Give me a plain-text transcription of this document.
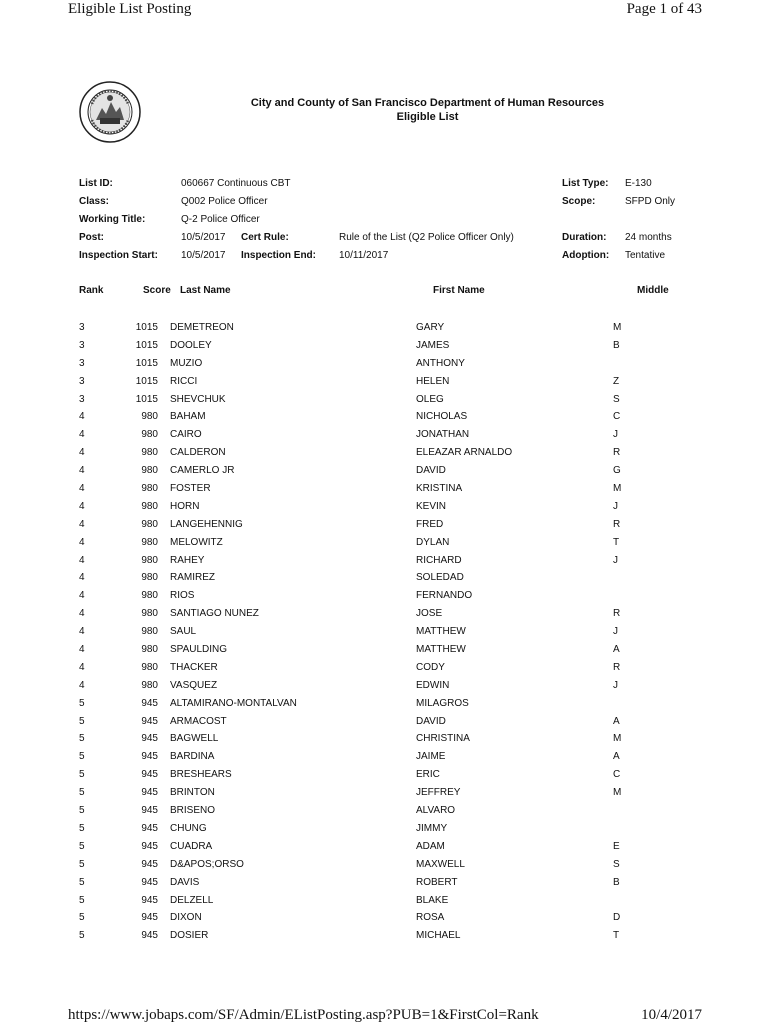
Eligible List Posting	Page 1 of 43
City and County of San Francisco Department of Human Resources
Eligible List
List ID:	060667 Continuous CBT
Class:	Q002 Police Officer
Working Title:	Q-2 Police Officer
Post:	10/5/2017 Cert Rule:	Rule of the List (Q2 Police Officer Only)
Inspection Start: 10/5/2017 Inspection End: 10/11/2017
List Type: E-130
Scope:	SFPD Only
Duration: 24 months
Adoption: Tentative
Rank	Score Last Name	First Name	Middle
3	1015 DEMETREON	GARY	M
3	1015 DOOLEY	JAMES	B
3	1015 MUZIO	ANTHONY
3	1015 RICCI	HELEN	Z
3	1015 SHEVCHUK	OLEG	S
4	980 BAHAM	NICHOLAS	C
4	980 CAIRO	JONATHAN	J
4	980 CALDERON	ELEAZAR ARNALDO	R
4	980 CAMERLO JR	DAVID	G
4	980 FOSTER	KRISTINA	M
4	980 HORN	KEVIN	J
4	980 LANGEHENNIG	FRED	R
4	980 MELOWITZ	DYLAN	T
4	980 RAHEY	RICHARD	J
4	980 RAMIREZ	SOLEDAD
4	980 RIOS	FERNANDO
4	980 SANTIAGO NUNEZ	JOSE	R
4	980 SAUL	MATTHEW	J
4	980 SPAULDING	MATTHEW	A
4	980 THACKER	CODY	R
4	980 VASQUEZ	EDWIN	J
5	945 ALTAMIRANO-MONTALVAN	MILAGROS
5	945 ARMACOST	DAVID	A
5	945 BAGWELL	CHRISTINA	M
5	945 BARDINA	JAIME	A
5	945 BRESHEARS	ERIC	C
5	945 BRINTON	JEFFREY	M
5	945 BRISENO	ALVARO
5	945 CHUNG	JIMMY
5	945 CUADRA	ADAM	E
5	945 D&APOS;ORSO	MAXWELL	S
5	945 DAVIS	ROBERT	B
5	945 DELZELL	BLAKE
5	945 DIXON	ROSA	D
5	945 DOSIER	MICHAEL	T
https://www.jobaps.com/SF/Admin/EListPosting.asp?PUB=1&FirstCol=Rank	10/4/2017
